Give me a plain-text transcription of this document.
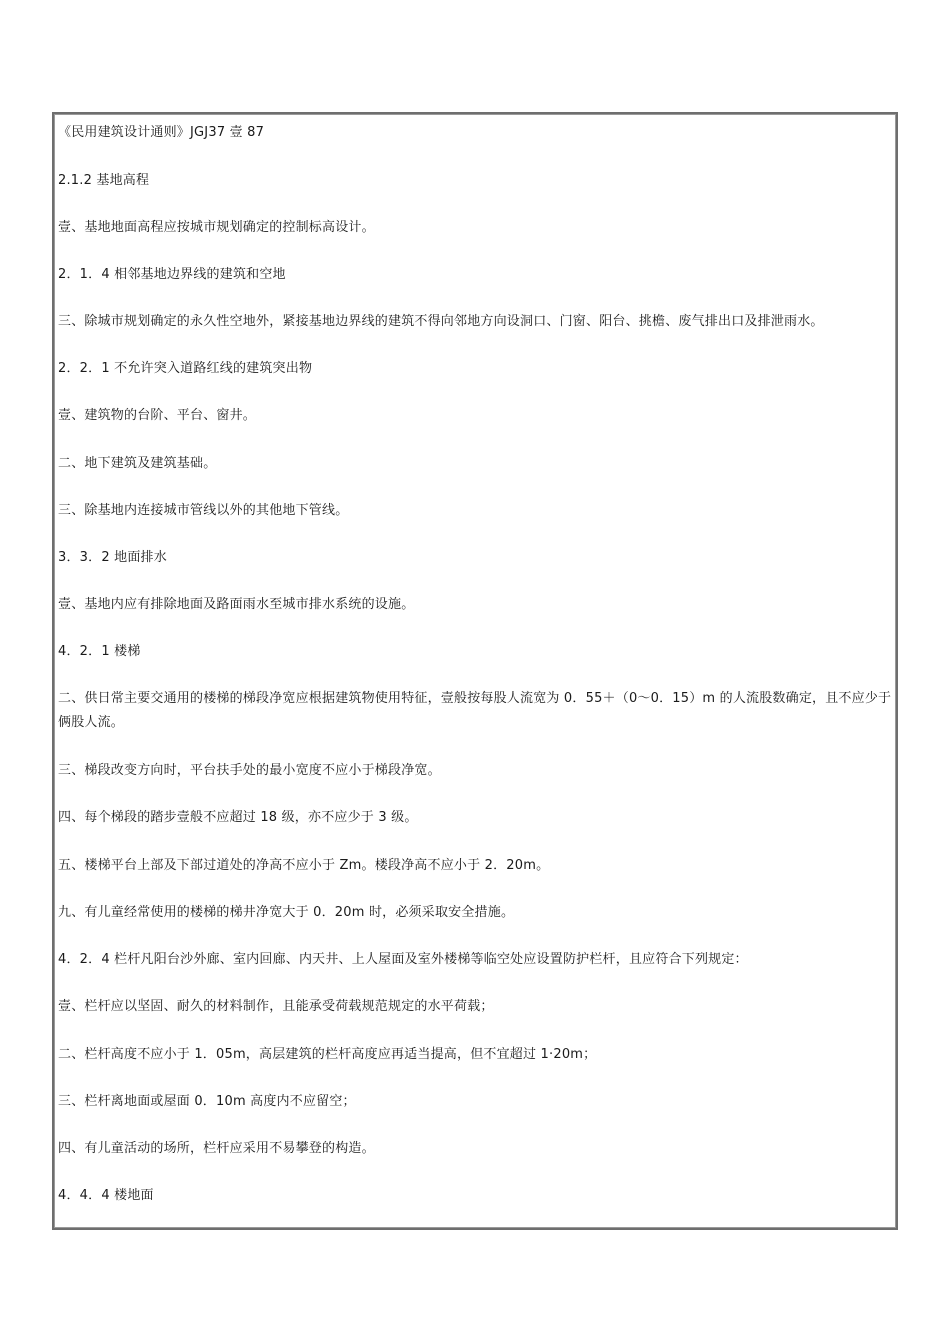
《民用建筑设计通则》JGJ37 壹 87
2.1.2 基地高程
壹、基地地面高程应按城市规划确定的控制标高设计。
2．1．4 相邻基地边界线的建筑和空地
三、除城市规划确定的永久性空地外，紧接基地边界线的建筑不得向邻地方向设洞口、门窗、阳台、挑檐、废气排出口及排泄雨水。
2．2．1 不允许突入道路红线的建筑突出物
壹、建筑物的台阶、平台、窗井。
二、地下建筑及建筑基础。
三、除基地内连接城市管线以外的其他地下管线。
3．3．2 地面排水
壹、基地内应有排除地面及路面雨水至城市排水系统的设施。
4．2．1 楼梯
二、供日常主要交通用的楼梯的梯段净宽应根据建筑物使用特征，壹般按每股人流宽为 0．55＋（0～0．15）m 的人流股数确定，且不应少于俩股人流。
三、梯段改变方向时，平台扶手处的最小宽度不应小于梯段净宽。
四、每个梯段的踏步壹般不应超过 18 级，亦不应少于 3 级。
五、楼梯平台上部及下部过道处的净高不应小于 Zm。楼段净高不应小于 2．20m。
九、有儿童经常使用的楼梯的梯井净宽大于 0．20m 时，必须采取安全措施。
4．2．4 栏杆凡阳台沙外廊、室内回廊、内天井、上人屋面及室外楼梯等临空处应设置防护栏杆，且应符合下列规定：
壹、栏杆应以坚固、耐久的材料制作，且能承受荷载规范规定的水平荷载；
二、栏杆高度不应小于 1．05m，高层建筑的栏杆高度应再适当提高，但不宜超过 1·20m；
三、栏杆离地面或屋面 0．10m 高度内不应留空；
四、有儿童活动的场所，栏杆应采用不易攀登的构造。
4．4．4 楼地面
